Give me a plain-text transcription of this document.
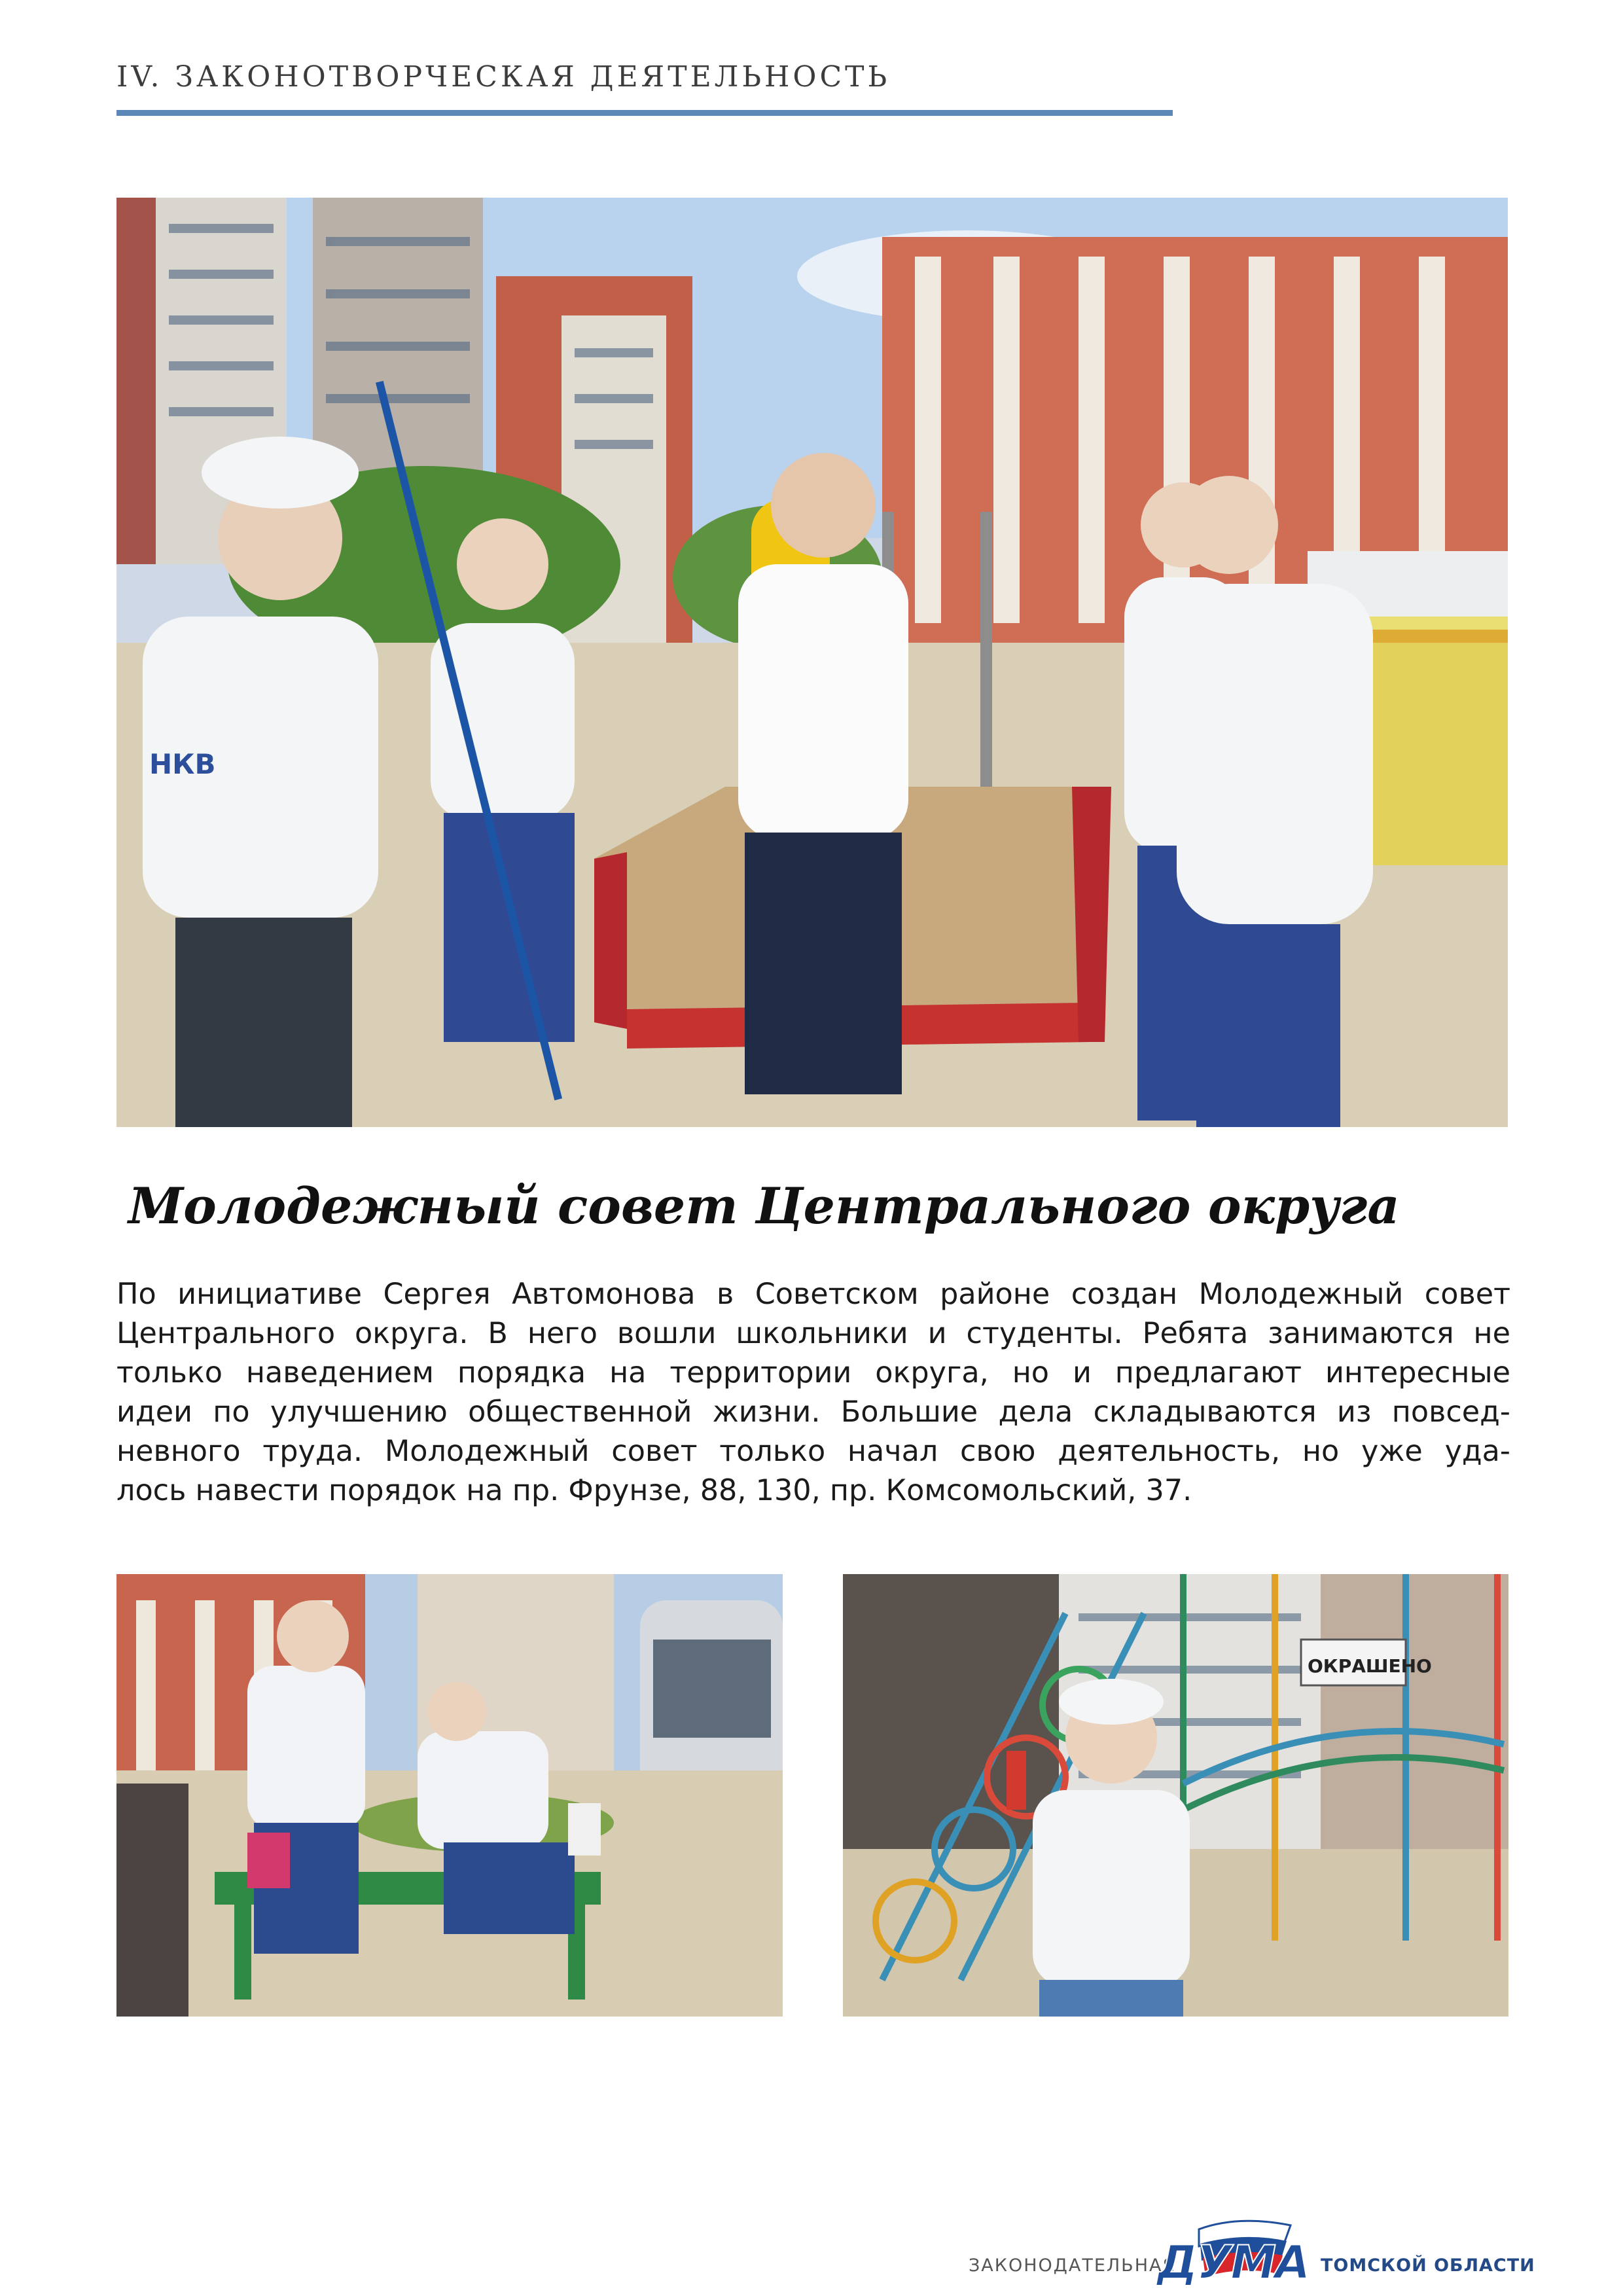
IV. ЗАКОНОТВОРЧЕСКАЯ ДЕЯТЕЛЬНОСТЬ
НКВ
Молодежный совет Центрального округа
По инициативе Сергея Автомонова в Советском районе создан Молодежный совет
Центрального округа. В него вошли школьники и студенты. Ребята занимаются не
только наведением порядка на территории округа, но и предлагают интересные
идеи по улучшению общественной жизни. Большие дела складываются из повсед-
невного труда. Молодежный совет только начал свою деятельность, но уже уда-
лось навести порядок на пр. Фрунзе, 88, 130, пр. Комсомольский, 37.
ОКРАШЕНО
ЗАКОНОДАТЕЛЬНАЯ
ДУМА ТОМСКОЙ ОБЛАСТИ
